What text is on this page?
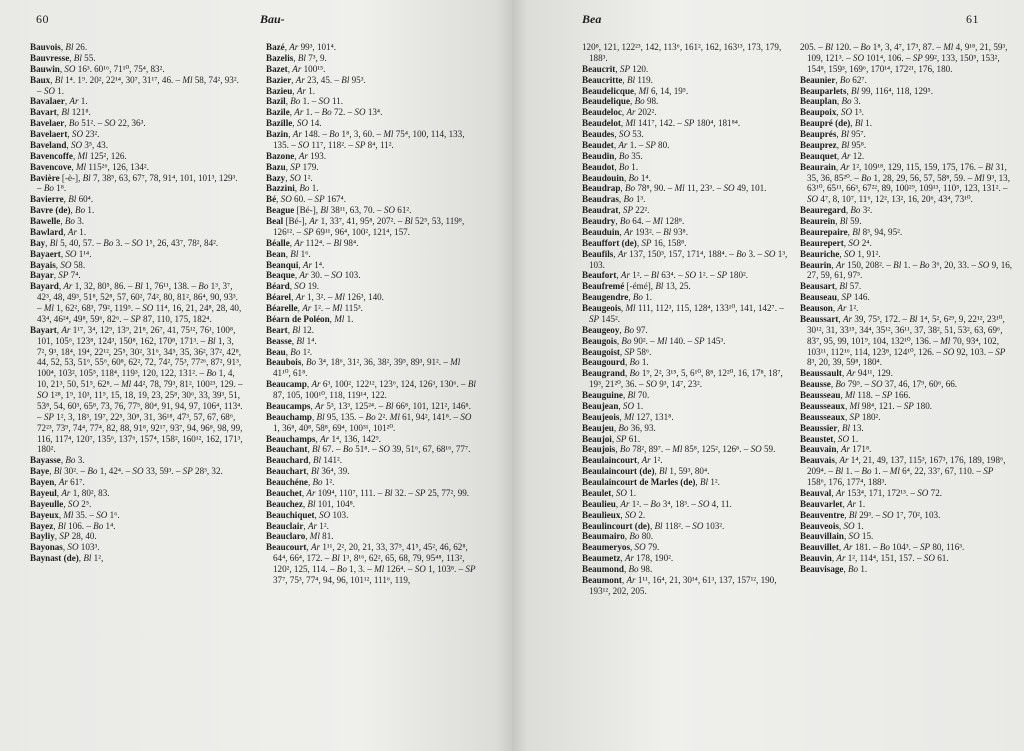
60	Bau-

Bauvois, Bl 26.

Bauvresse, Bl 55.

Bauwin, SO 16³. 60¹⁶, 71¹⁰, 75⁴, 83².

Baux, Bl 1⁴. 1⁹. 20², 22¹⁴, 30⁷, 31¹⁷, 46. – Ml 58, 74², 93². – SO 1.

Bavalaer, Ar 1.

Bavart, Bl 121⁸.

Bavelaer, Bo 51². – SO 22, 36³.

Bavelaert, SO 23².

Baveland, SO 3⁵, 43.

Bavencoffe, Ml 125², 126.

Bavencove, Ml 115²⁶, 126, 134².

Bavière [-è-], Bl 7, 38⁵, 63, 67⁷, 78, 91⁴, 101, 101³, 129³. – Bo 1⁸.

Bavierre, Bl 60⁴.

Bavre (de), Bo 1.

Bawelle, Bo 3.

Bawlard, Ar 1.

Bay, Bl 5, 40, 57. – Bo 3. – SO 1⁵, 26, 43⁷, 78², 84².

Bayaert, SO 1¹⁴.

Bayais, SO 58.

Bayar, SP 7⁴.

Bayard, Ar 1, 32, 80⁵, 86. – Bl 1, 76¹¹, 138. – Bo 1³, 3⁷, 42³, 48, 49³, 51⁸, 52⁸, 57, 60², 74², 80, 81², 86⁴, 90, 93³. – Ml 1, 62², 68³, 79², 119⁵. – SO 11⁴, 16, 21, 24⁸, 28, 40, 43⁴, 46²⁴, 49⁸, 59⁶, 82⁶. – SP 87, 110, 175, 182⁴.

Bayart, Ar 1¹⁷, 3⁴, 12⁹, 13⁹, 21⁸, 26⁷, 41, 75¹², 76¹, 100⁸, 101, 105⁶, 123⁸, 124³, 150⁸, 162, 170⁸, 171³. – Bl 1, 3, 7², 9³, 18⁴, 19⁴, 22¹², 25⁵, 30², 31⁶, 34⁵, 35, 36², 37², 42⁸, 44, 52, 53, 51⁶, 55⁶, 60⁸, 62², 72, 74², 75³, 77²⁶, 87², 91³, 100⁴, 103², 105⁵, 118⁴, 119³, 120, 122, 131². – Bo 1, 4, 10, 21³, 50, 51⁵, 62⁸. – Ml 44², 78, 79³, 81², 100²³, 129. – SO 1²⁸, 1⁹, 10³, 11⁵, 15, 18, 19, 23, 25⁸, 30⁶, 33, 39³, 51, 53⁸, 54, 60³, 65⁸, 73, 76, 77⁵, 80⁴, 91, 94, 97, 106⁴, 113⁴. – SP 1², 3, 18³, 19⁷, 22⁵, 30⁸, 31, 36¹⁸, 47³, 57, 67, 68⁶, 72²³, 73⁹, 74⁴, 77⁴, 82, 88, 91⁸, 92¹⁷, 93⁷, 94, 96⁸, 98, 99, 116, 117⁴, 120⁷, 135⁶, 137⁶, 157⁴, 158², 160¹², 162, 171³, 180².

Bayasse, Bo 3.

Baye, Bl 30². – Bo 1, 42⁴. – SO 33, 59³. – SP 28³, 32.

Bayen, Ar 61⁷.

Bayeul, Ar 1, 80², 83.

Bayeulle, SO 2⁵.

Bayeux, Ml 35. – SO 1⁶.

Bayez, Bl 106. – Bo 1⁴.

Bayliy, SP 28, 40.

Bayonas, SO 103³.

Baynast (de), Bl 1²,

Bazé, Ar 99³, 101⁴.

Bazelis, Bl 7³, 9.

Bazet, Ar 100¹⁵.

Bazier, Ar 23, 45. – Bl 95³.

Bazieu, Ar 1.

Bazil, Bo 1. – SO 11.

Bazile, Ar 1. – Bo 72. – SO 13⁴.

Bazille, SO 14.

Bazin, Ar 148. – Bo 1⁸, 3, 60. – Ml 75⁴, 100, 114, 133, 135. – SO 11⁷, 118². – SP 8⁴, 11².

Bazone, Ar 193.

Bazu, SP 179.

Bazy, SO 1².

Bazzini, Bo 1.

Bé, SO 60. – SP 167⁴.

Beague [Bé-], Bl 38¹¹, 63, 70. – SO 61².

Beal [Bé-], Ar 1, 33⁷, 41, 95⁸, 207². – Bl 52⁵, 53, 119⁸, 126¹². – SP 69¹¹, 96⁴, 100², 121⁴, 157.

Béalle, Ar 112⁴. – Bl 98⁴.

Bean, Bl 1⁶.

Beanqui, Ar 1⁴.

Beaque, Ar 30. – SO 103.

Béard, SO 19.

Béarel, Ar 1, 3². – Ml 126³, 140.

Béarelle, Ar 1². – Ml 115³.

Béarn de Poléon, Ml 1.

Beart, Bl 12.

Beasse, Bl 1⁴.

Beau, Bo 1².

Beaubois, Bo 3⁴, 18⁶, 31², 36, 38², 39⁵, 89³, 91². – Ml 41¹⁰, 61⁸.

Beaucamp, Ar 6³, 100², 122¹², 123⁶, 124, 126³, 130⁶. – Bl 87, 105, 100¹⁰, 118, 119¹⁴, 122.

Beaucamps, Ar 5³, 13³, 125²⁴. – Bl 66⁸, 101, 121², 146⁸.

Beauchamp, Bl 95, 135. – Bo 2². Ml 61, 94², 141⁸. – SO 1, 36⁸, 40⁸, 58⁸, 69⁴, 100³¹, 101²⁰.

Beauchamps, Ar 1⁴, 136, 142⁹.

Beauchant, Bl 67. – Bo 51⁸. – SO 39, 51⁶, 67, 68¹⁶, 77⁷.

Beauchard, Bl 141².

Beauchart, Bl 36⁴, 39.

Beauchéne, Bo 1².

Beauchet, Ar 109⁴, 110⁷, 111. – Bl 32. – SP 25, 77², 99.

Beauchez, Bl 101, 104⁸.

Beauchiquet, SO 103.

Beauclair, Ar 1².

Beauclaro, Ml 81.

Beaucourt, Ar 1¹¹, 2², 20, 21, 33, 37⁵, 41⁵, 45², 46, 62⁸, 64⁴, 66⁴, 172. – Bl 1³, 8¹⁶, 62², 65, 68, 79, 95⁴⁸, 113², 120², 125, 114. – Bo 1, 3. – Ml 126⁴. – SO 1, 103⁸. – SP 37⁷, 75³, 77⁴, 94, 96, 101¹², 111⁶, 119,

Bea	61

120⁸, 121, 122²³, 142, 113⁶, 161², 162, 163¹³, 173, 179, 188³.

Beaucrit, SP 120.

Beaucritte, Bl 119.

Beaudelicque, Ml 6, 14, 19⁵.

Beaudelique, Bo 98.

Beaudeloc, Ar 202².

Beaudelot, Ml 141⁷, 142. – SP 180⁴, 181⁸⁴.

Beaudes, SO 53.

Beaudet, Ar 1. – SP 80.

Beaudin, Bo 35.

Beaudot, Bo 1.

Beaudouin, Bo 1⁴.

Beaudrap, Bo 78⁸, 90. – Ml 11, 23³. – SO 49, 101.

Beaudras, Bo 1³.

Beaudrat, SP 22².

Beaudry, Bo 64. – Ml 128⁸.

Beauduin, Ar 193². – Bl 93⁸.

Beauffort (de), SP 16, 158⁸.

Beaufils, Ar 137, 150³, 157, 171⁴, 188⁴. – Bo 3. – SO 1³, 103.

Beaufort, Ar 1². – Bl 63⁴. – SO 1². – SP 180².

Beaufremé [-émé], Bl 13, 25.

Beaugendre, Bo 1.

Beaugeois, Ml 111, 112³, 115, 128⁴, 133¹⁰, 141, 142⁷. – SP 145².

Beaugeoy, Bo 97.

Beaugois, Bo 90². – Ml 140. – SP 145³.

Beaugoist, SP 58⁶.

Beaugourd, Bo 1.

Beaugrand, Bo 1⁹, 2², 3¹⁵, 5, 6¹⁰, 8⁸, 12²⁰, 16, 17⁸, 18⁷, 19³, 21²⁰, 36. – SO 9³, 14⁷, 23².

Beauguine, Bl 70.

Beaujean, SO 1.

Beaujeois, Ml 127, 131⁸.

Beaujeu, Bo 36, 93.

Beaujoi, SP 61.

Beaujois, Bo 78², 89⁷. – Ml 85⁸, 125², 126⁸. – SO 59.

Beaulaincourt, Ar 1².

Beaulaincourt (de), Bl 1, 59³, 80⁴.

Beaulaincourt de Marles (de), Bl 1².

Beaulet, SO 1.

Beaulieu, Ar 1². – Bo 3⁴, 18³. – SO 4, 11.

Beaulieux, SO 2.

Beaulincourt (de), Bl 118². – SO 103².

Beaumairo, Bo 80.

Beaumeryos, SO 79.

Beaumetz, Ar 178, 190².

Beaumond, Bo 98.

Beaumont, Ar 1¹¹, 16⁴, 21, 30¹⁴, 61³, 137, 157¹², 190, 193¹², 202, 205.

205. – Bl 120. – Bo 1⁸, 3, 4⁷, 17³, 87. – Ml 4, 9¹⁸, 21, 59³, 109, 121³. – SO 101⁴, 106. – SP 99², 133, 150⁵, 153², 154⁸, 159³, 169⁶, 170¹⁴, 172²¹, 176, 180.

Beaunier, Bo 62⁷.

Beauparlets, Bl 99, 116⁴, 118, 129⁵.

Beauplan, Bo 3.

Beaupoix, SO 1³.

Beaupré (de), Bl 1.

Beauprés, Bl 95⁷.

Beauprez, Bl 95⁸.

Beauquet, Ar 12.

Beaurain, Ar 1², 109¹⁸, 129, 115, 159, 175, 176. – Bl 31, 35, 36, 85²⁰. – Bo 1, 28, 29, 56, 57, 58⁸, 59. – Ml 9³, 13, 63¹⁰, 65¹¹, 66³, 67²², 89, 100²⁹, 109¹³, 110⁵, 123, 131². – SO 4⁷, 8, 10⁷, 11⁶, 12², 13², 16, 20⁶, 43⁴, 73¹⁰.

Beauregard, Bo 3².

Beaurein, Bl 59.

Beaurepaire, Bl 8³, 94, 95².

Beaurepert, SO 2⁴.

Beauriche, SO 1, 91².

Beaurin, Ar 150, 208². – Bl 1. – Bo 3⁶, 20, 33. – SO 9, 16, 27, 59, 61, 97⁵.

Beausart, Bl 57.

Beauseau, SP 146.

Beauson, Ar 1².

Beaussart, Ar 39, 75³, 172. – Bl 1⁴, 5², 6²⁹, 9, 22¹², 23¹⁰, 30¹², 31, 33¹⁵, 34⁴, 35¹², 36¹¹, 37, 38², 51, 53², 63, 69⁶, 83⁷, 95, 99, 101⁹, 104, 132¹⁰, 136. – Ml 70, 93⁴, 102, 103¹¹, 112¹⁶, 114, 123⁸, 124¹⁰, 126. – SO 92, 103. – SP 8³, 20, 39, 59⁸, 180⁴.

Beaussault, Ar 94¹¹, 129.

Beausse, Bo 79⁵. – SO 37, 46, 17⁹, 60⁶, 66.

Beausseau, Ml 118. – SP 166.

Beausseaux, Ml 98⁴, 121. – SP 180.

Beausseaux, SP 180².

Beaussier, Bl 13.

Beaustet, SO 1.

Beauvain, Ar 171⁸.

Beauvais, Ar 1⁴, 21, 49, 137, 115³, 167³, 176, 189, 198⁶, 209⁴. – Bl 1. – Bo 1. – Ml 6⁴, 22, 33⁷, 67, 110. – SP 158⁶, 176, 177⁴, 188³.

Beauval, Ar 153⁴, 171, 172¹³. – SO 72.

Beauvarlet, Ar 1.

Beauventre, Bl 29³. – SO 1⁷, 70², 103.

Beauveois, SO 1.

Beauvillain, SO 15.

Beauvillet, Ar 181. – Bo 104³. – SP 80, 116³.

Beauvin, Ar 1², 114⁴, 151, 157. – SO 61.

Beauvisage, Bo 1.
